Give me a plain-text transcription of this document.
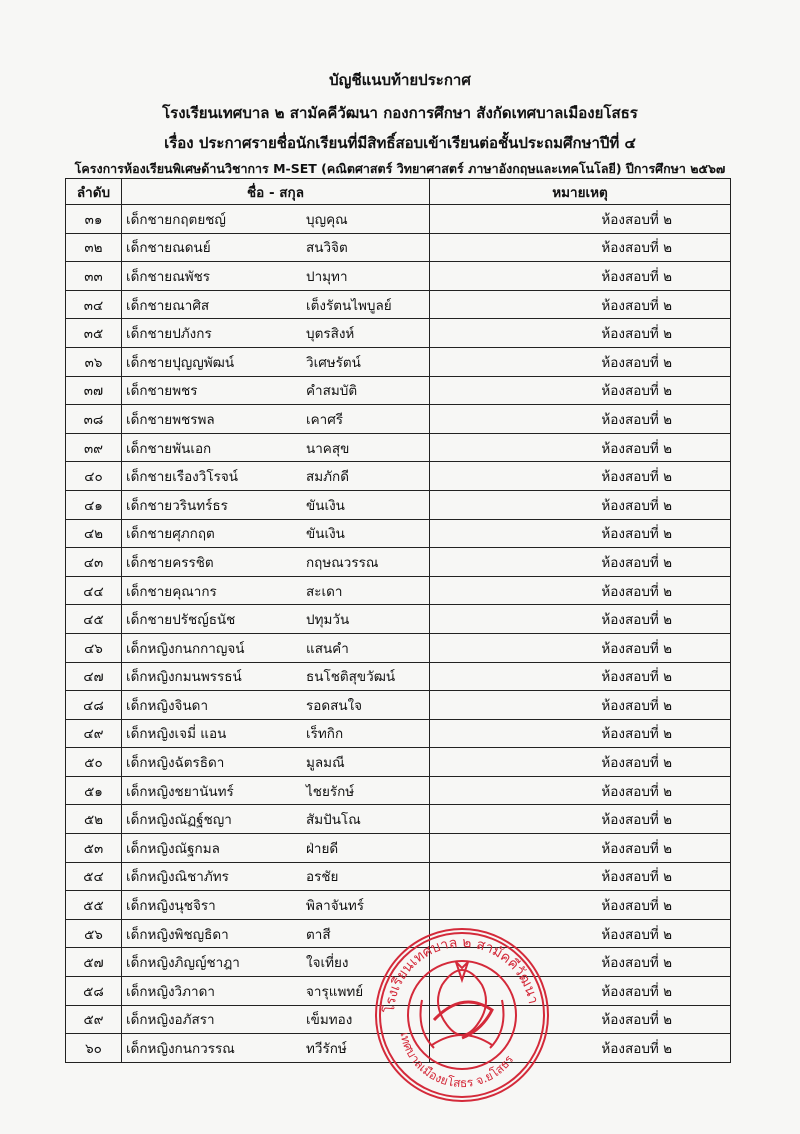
บัญชีแนบท้ายประกาศ
โรงเรียนเทศบาล ๒ สามัคคีวัฒนา กองการศึกษา สังกัดเทศบาลเมืองยโสธร
เรื่อง ประกาศรายชื่อนักเรียนที่มีสิทธิ์สอบเข้าเรียนต่อชั้นประถมศึกษาปีที่ ๔
โครงการห้องเรียนพิเศษด้านวิชาการ M-SET (คณิตศาสตร์ วิทยาศาสตร์ ภาษาอังกฤษและเทคโนโลยี) ปีการศึกษา ๒๕๖๗
ลำดับ	ชื่อ - สกุล	หมายเหตุ
๓๑	เด็กชายกฤตยชญ์ บุญคุณ	ห้องสอบที่ ๒
๓๒	เด็กชายณดนย์ สนวิจิต	ห้องสอบที่ ๒
๓๓	เด็กชายณพัชร ปามุทา	ห้องสอบที่ ๒
๓๔	เด็กชายณาศิส เต็งรัตนไพบูลย์	ห้องสอบที่ ๒
๓๕	เด็กชายปภังกร บุตรสิงห์	ห้องสอบที่ ๒
๓๖	เด็กชายปุญญพัฒน์ วิเศษรัตน์	ห้องสอบที่ ๒
๓๗	เด็กชายพชร คำสมบัติ	ห้องสอบที่ ๒
๓๘	เด็กชายพชรพล เคาศรี	ห้องสอบที่ ๒
๓๙	เด็กชายพันเอก นาคสุข	ห้องสอบที่ ๒
๔๐	เด็กชายเรืองวิโรจน์ สมภักดี	ห้องสอบที่ ๒
๔๑	เด็กชายวรินทร์ธร ขันเงิน	ห้องสอบที่ ๒
๔๒	เด็กชายศุภกฤต ขันเงิน	ห้องสอบที่ ๒
๔๓	เด็กชายครรชิต กฤษณวรรณ	ห้องสอบที่ ๒
๔๔	เด็กชายคุณากร สะเดา	ห้องสอบที่ ๒
๔๕	เด็กชายปรัชญ์ธนัช ปทุมวัน	ห้องสอบที่ ๒
๔๖	เด็กหญิงกนกกาญจน์ แสนคำ	ห้องสอบที่ ๒
๔๗	เด็กหญิงกมนพรรธน์ ธนโชติสุขวัฒน์	ห้องสอบที่ ๒
๔๘	เด็กหญิงจินดา รอดสนใจ	ห้องสอบที่ ๒
๔๙	เด็กหญิงเจมี่ แอน เร็ทกิก	ห้องสอบที่ ๒
๕๐	เด็กหญิงฉัตรธิดา มูลมณี	ห้องสอบที่ ๒
๕๑	เด็กหญิงชยานันทร์ ไชยรักษ์	ห้องสอบที่ ๒
๕๒	เด็กหญิงณัฏฐ์ชญา สัมปันโณ	ห้องสอบที่ ๒
๕๓	เด็กหญิงณัฐกมล ฝ่ายดี	ห้องสอบที่ ๒
๕๔	เด็กหญิงณิชาภัทร อรชัย	ห้องสอบที่ ๒
๕๕	เด็กหญิงนุชจิรา พิลาจันทร์	ห้องสอบที่ ๒
๕๖	เด็กหญิงพิชญธิดา ตาสี	ห้องสอบที่ ๒
๕๗	เด็กหญิงภิญญ์ชาฎา ใจเที่ยง	ห้องสอบที่ ๒
๕๘	เด็กหญิงวิภาดา จารุแพทย์	ห้องสอบที่ ๒
๕๙	เด็กหญิงอภัสรา เข็มทอง	ห้องสอบที่ ๒
๖๐	เด็กหญิงกนกวรรณ ทวีรักษ์	ห้องสอบที่ ๒
โรงเรียนเทศบาล ๒ สามัคคีวัฒนา
เทศบาลเมืองยโสธร จ.ยโสธร
